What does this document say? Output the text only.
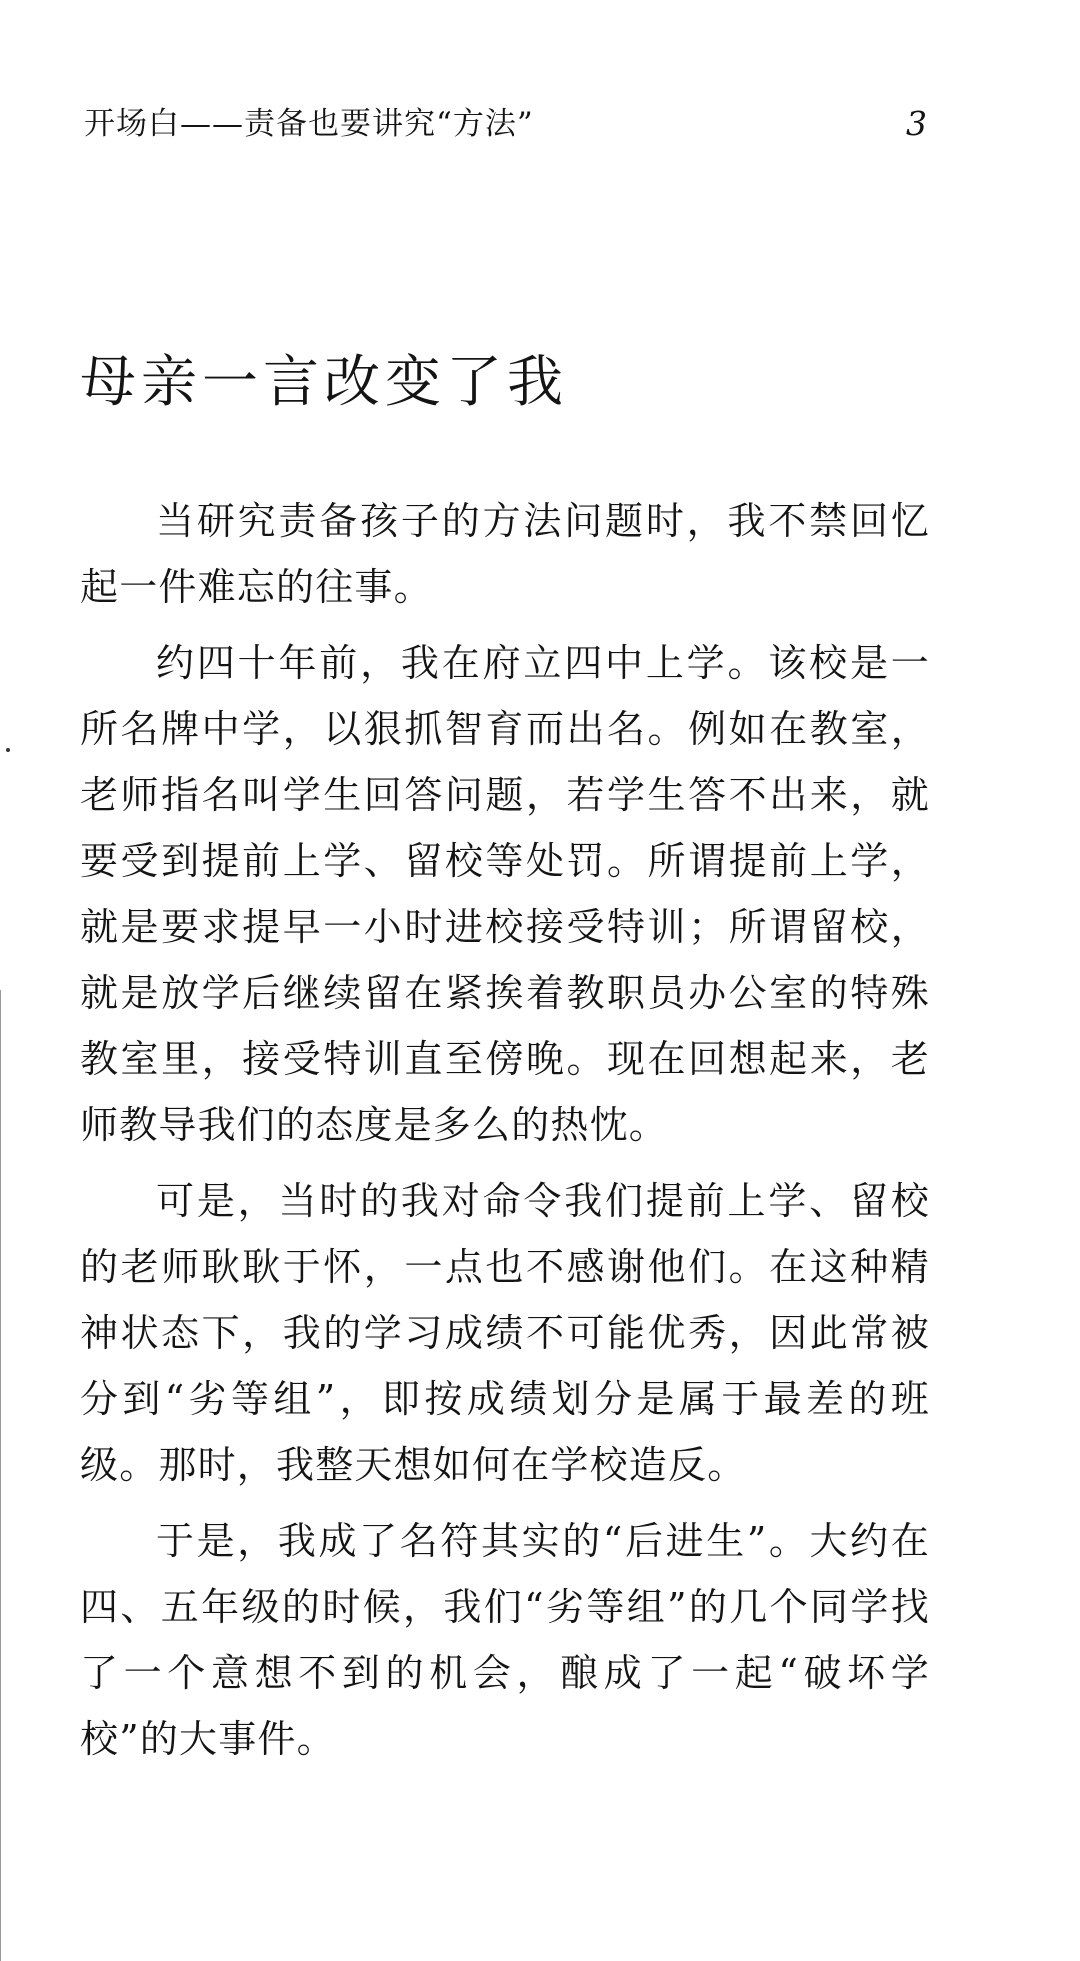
开场白——责备也要讲究“方法”	3
母亲一言改变了我

当研究责备孩子的方法问题时，我不禁回忆起一件难忘的往事。

约四十年前，我在府立四中上学。该校是一所名牌中学，以狠抓智育而出名。例如在教室，老师指名叫学生回答问题，若学生答不出来，就要受到提前上学、留校等处罚。所谓提前上学，就是要求提早一小时进校接受特训；所谓留校，就是放学后继续留在紧挨着教职员办公室的特殊教室里，接受特训直至傍晚。现在回想起来，老师教导我们的态度是多么的热忱。

可是，当时的我对命令我们提前上学、留校的老师耿耿于怀，一点也不感谢他们。在这种精神状态下，我的学习成绩不可能优秀，因此常被分到“劣等组”，即按成绩划分是属于最差的班级。那时，我整天想如何在学校造反。

于是，我成了名符其实的“后进生”。大约在四、五年级的时候，我们“劣等组”的几个同学找了一个意想不到的机会，酿成了一起“破坏学校”的大事件。
